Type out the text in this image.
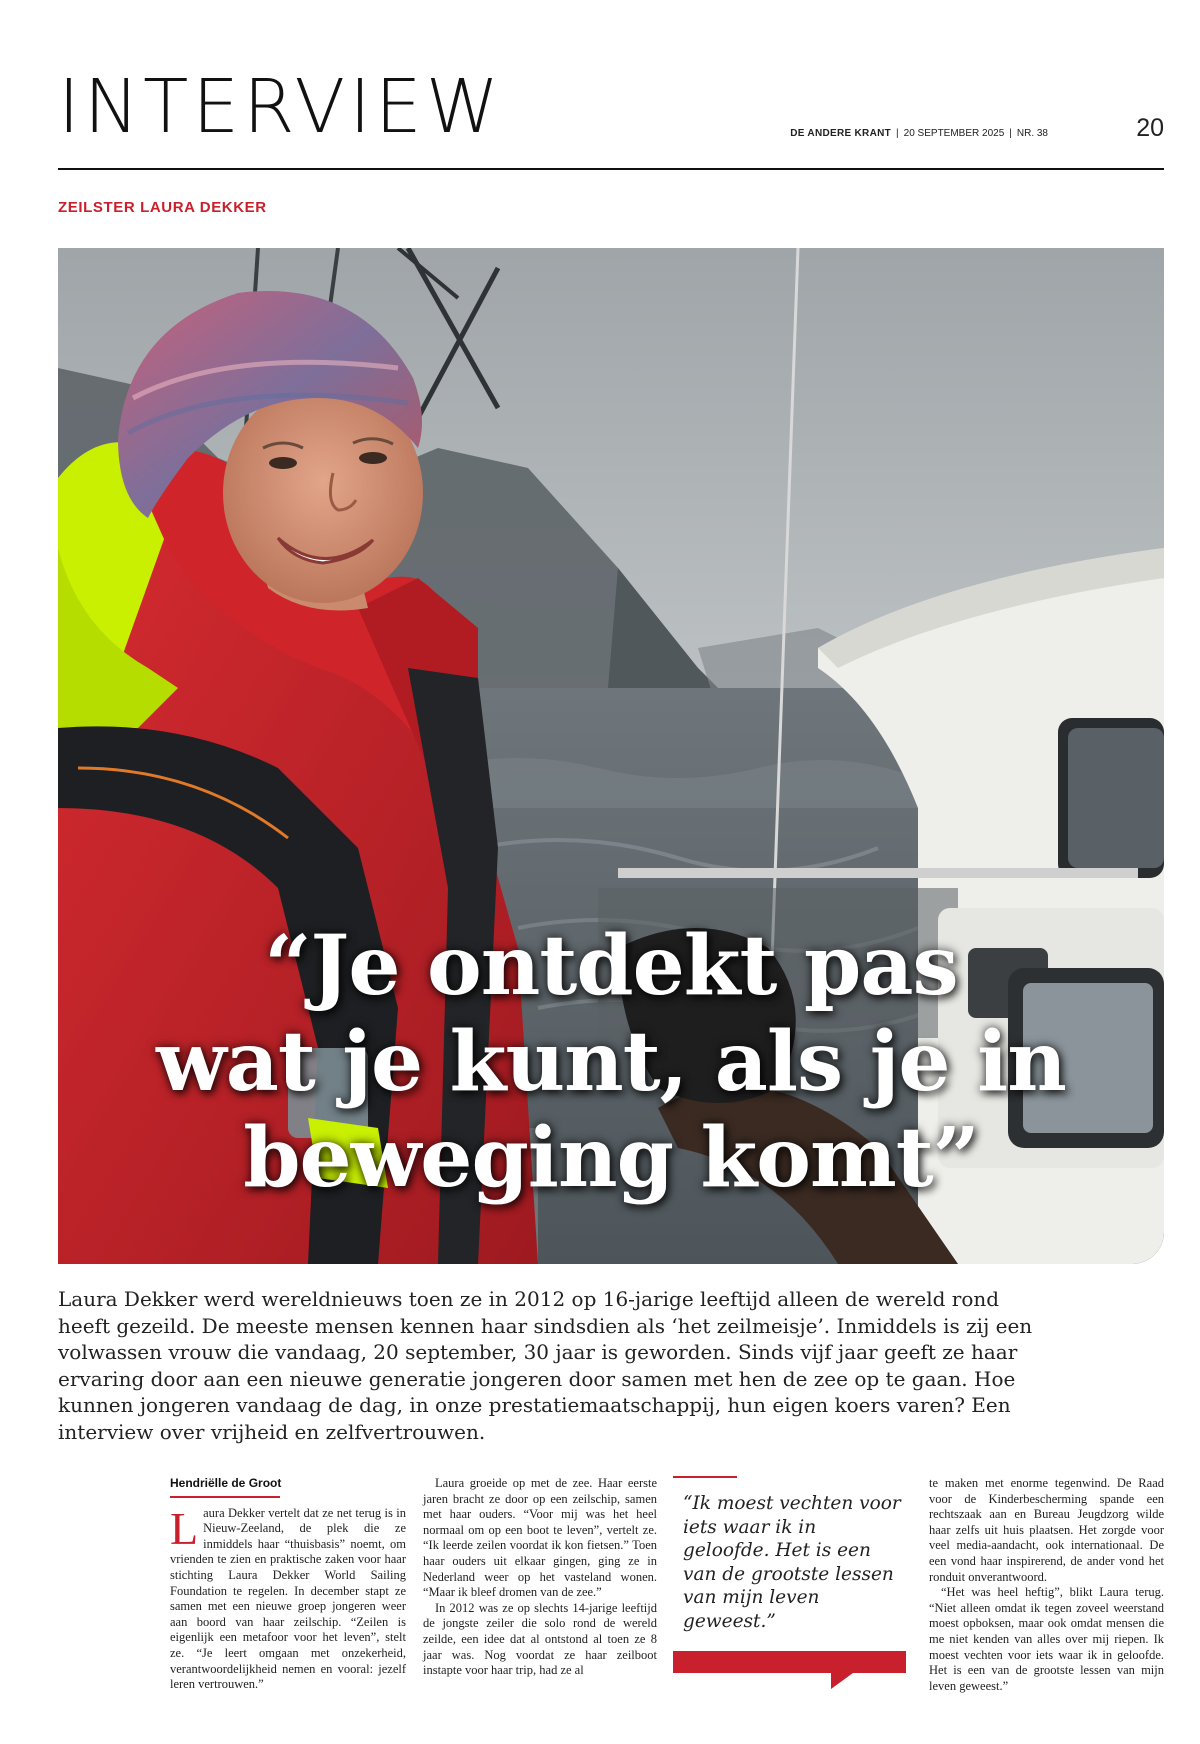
INTERVIEW	DE ANDERE KRANT | 20 SEPTEMBER 2025 | NR. 38	20
ZEILSTER LAURA DEKKER
“Je ontdekt pas
wat je kunt, als je in
beweging komt”

Laura Dekker werd wereldnieuws toen ze in 2012 op 16-jarige leeftijd alleen de wereld rond heeft gezeild. De meeste mensen kennen haar sindsdien als ‘het zeilmeisje’. Inmiddels is zij een volwassen vrouw die vandaag, 20 september, 30 jaar is geworden. Sinds vijf jaar geeft ze haar ervaring door aan een nieuwe generatie jongeren door samen met hen de zee op te gaan. Hoe kunnen jongeren vandaag de dag, in onze prestatiemaatschappij, hun eigen koers varen? Een interview over vrijheid en zelfvertrouwen.

Hendriëlle de Groot

Laura Dekker vertelt dat ze net terug is in Nieuw-Zeeland, de plek die ze inmiddels haar “thuisbasis” noemt, om vrienden te zien en praktische zaken voor haar stichting Laura Dekker World Sailing Foundation te regelen. In december stapt ze samen met een nieuwe groep jongeren weer aan boord van haar zeilschip. “Zeilen is eigenlijk een metafoor voor het leven”, stelt ze. “Je leert omgaan met onzekerheid, verantwoordelijkheid nemen en vooral: jezelf leren vertrouwen.”

Laura groeide op met de zee. Haar eerste jaren bracht ze door op een zeilschip, samen met haar ouders. “Voor mij was het heel normaal om op een boot te leven”, vertelt ze. “Ik leerde zeilen voordat ik kon fietsen.” Toen haar ouders uit elkaar gingen, ging ze in Nederland weer op het vasteland wonen. “Maar ik bleef dromen van de zee.”

In 2012 was ze op slechts 14-jarige leeftijd de jongste zeiler die solo rond de wereld zeilde, een idee dat al ontstond al toen ze 8 jaar was. Nog voordat ze haar zeilboot instapte voor haar trip, had ze al

“Ik moest vechten voor iets waar ik in geloofde. Het is een van de grootste lessen van mijn leven geweest.”

te maken met enorme tegenwind. De Raad voor de Kinderbescherming spande een rechtszaak aan en Bureau Jeugdzorg wilde haar zelfs uit huis plaatsen. Het zorgde voor veel media-aandacht, ook internationaal. De een vond haar inspirerend, de ander vond het ronduit onverantwoord.

“Het was heel heftig”, blikt Laura terug. “Niet alleen omdat ik tegen zoveel weerstand moest opboksen, maar ook omdat mensen die me niet kenden van alles over mij riepen. Ik moest vechten voor iets waar ik in geloofde. Het is een van de grootste lessen van mijn leven geweest.”
